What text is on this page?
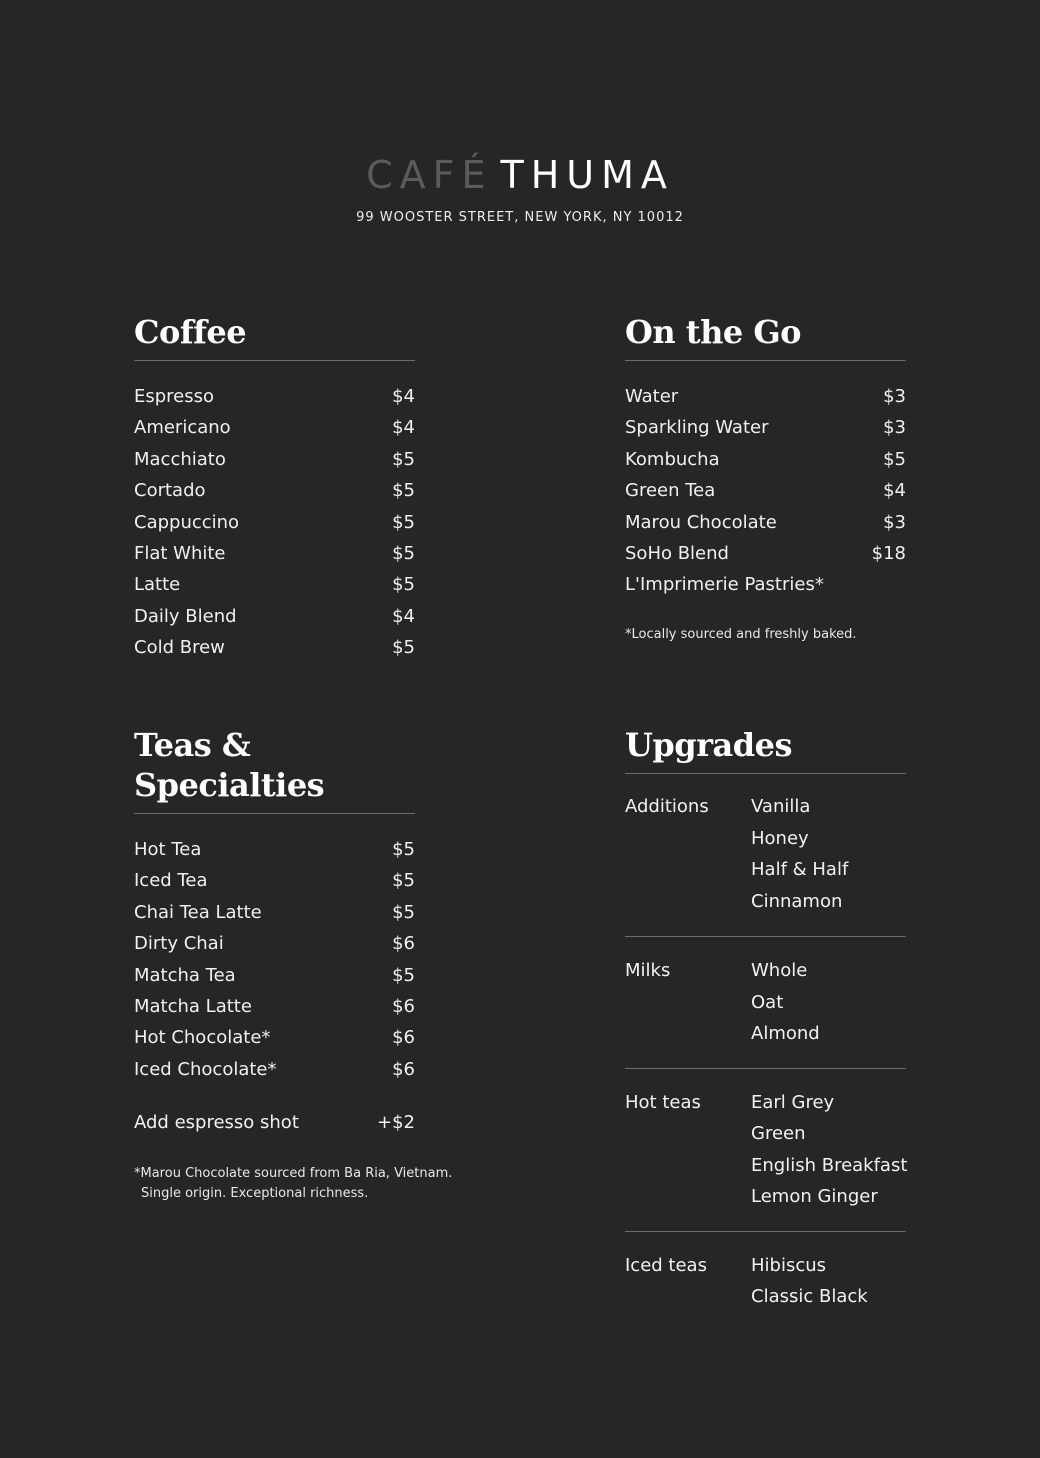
CAFÉ THUMA
99 WOOSTER STREET, NEW YORK, NY 10012
Coffee
Espresso	$4
Americano	$4
Macchiato	$5
Cortado	$5
Cappuccino	$5
Flat White	$5
Latte	$5
Daily Blend	$4
Cold Brew	$5
On the Go
Water	$3
Sparkling Water	$3
Kombucha	$5
Green Tea	$4
Marou Chocolate	$3
SoHo Blend	$18
L'Imprimerie Pastries*
*Locally sourced and freshly baked.
Teas & Specialties
Hot Tea	$5
Iced Tea	$5
Chai Tea Latte	$5
Dirty Chai	$6
Matcha Tea	$5
Matcha Latte	$6
Hot Chocolate*	$6
Iced Chocolate*	$6
Add espresso shot	+$2
*Marou Chocolate sourced from Ba Ria, Vietnam.
Single origin. Exceptional richness.
Upgrades
Additions	Vanilla
Honey
Half & Half
Cinnamon
Milks	Whole
Oat
Almond
Hot teas	Earl Grey
Green
English Breakfast
Lemon Ginger
Iced teas	Hibiscus
Classic Black
